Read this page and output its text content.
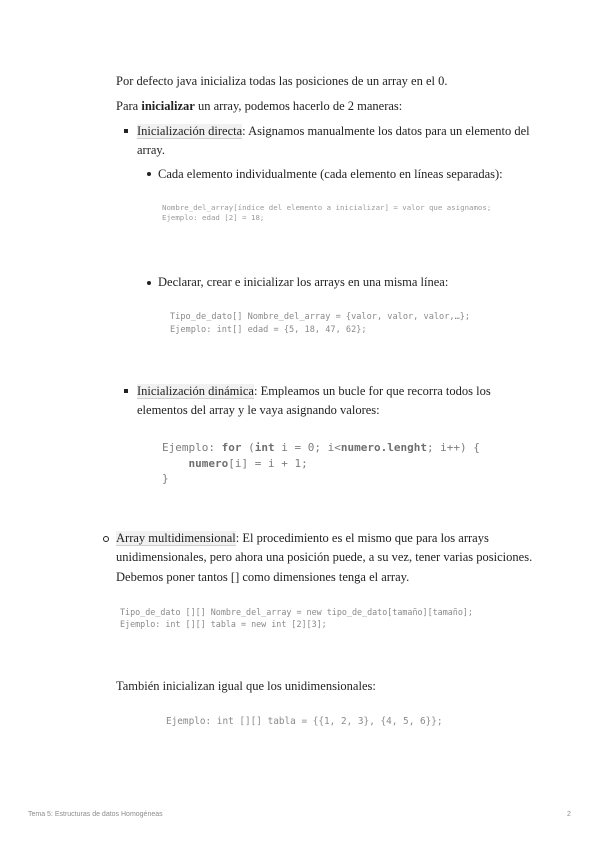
Por defecto java inicializa todas las posiciones de un array en el 0.
Para inicializar un array, podemos hacerlo de 2 maneras:
Inicialización directa: Asignamos manualmente los datos para un elemento del
array.
Cada elemento individualmente (cada elemento en líneas separadas):
Nombre_del_array[índice del elemento a inicializar] = valor que asignamos;
Ejemplo: edad [2] = 18;
Declarar, crear e inicializar los arrays en una misma línea:
Tipo_de_dato[] Nombre_del_array = {valor, valor, valor,…};
Ejemplo: int[] edad = {5, 18, 47, 62};
Inicialización dinámica: Empleamos un bucle for que recorra todos los
elementos del array y le vaya asignando valores:
Ejemplo: for (int i = 0; i<numero.lenght; i++) {
numero[i] = i + 1;
}
Array multidimensional: El procedimiento es el mismo que para los arrays
unidimensionales, pero ahora una posición puede, a su vez, tener varias posiciones.
Debemos poner tantos [] como dimensiones tenga el array.
Tipo_de_dato [][] Nombre_del_array = new tipo_de_dato[tamaño][tamaño];
Ejemplo: int [][] tabla = new int [2][3];
También inicializan igual que los unidimensionales:
Ejemplo: int [][] tabla = {{1, 2, 3}, {4, 5, 6}};
Tema 5: Estructuras de datos Homogéneas	2
